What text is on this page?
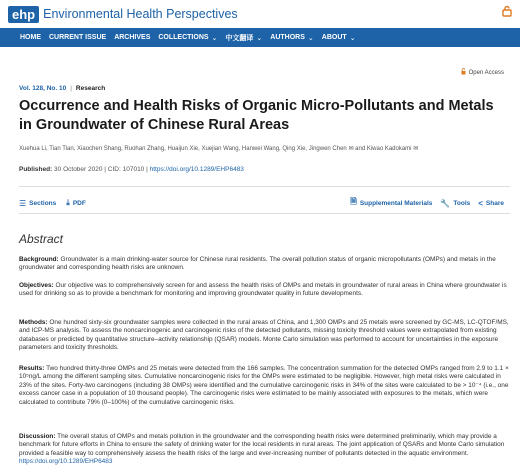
ehp Environmental Health Perspectives
HOME CURRENT ISSUE ARCHIVES COLLECTIONS ⌄ 中文翻译 ⌄ AUTHORS ⌄ ABOUT ⌄
Open Access
Vol. 128, No. 10 | Research
Occurrence and Health Risks of Organic Micro-Pollutants and Metals in Groundwater of Chinese Rural Areas
Xuehua Li, Tian Tian, Xiaochen Shang, Ruohan Zhang, Huaijun Xie, Xuejian Wang, Hanwei Wang, Qing Xie, Jingwen Chen ✉ and Kiwao Kadokami ✉
Published: 30 October 2020 | CID: 107010 | https://doi.org/10.1289/EHP6483
☰ Sections ⤓ PDF	🗎 Supplemental Materials 🔧 Tools < Share
Abstract
Background: Groundwater is a main drinking-water source for Chinese rural residents. The overall pollution status of organic micropollutants (OMPs) and metals in the groundwater and corresponding health risks are unknown.
Objectives: Our objective was to comprehensively screen for and assess the health risks of OMPs and metals in groundwater of rural areas in China where groundwater is used for drinking so as to provide a benchmark for monitoring and improving groundwater quality in future developments.
Methods: One hundred sixty-six groundwater samples were collected in the rural areas of China, and 1,300 OMPs and 25 metals were screened by GC-MS, LC-QTOF/MS, and ICP-MS analysis. To assess the noncarcinogenic and carcinogenic risks of the detected pollutants, missing toxicity threshold values were extrapolated from existing databases or predicted by quantitative structure–activity relationship (QSAR) models. Monte Carlo simulation was performed to account for uncertainties in the exposure parameters and toxicity thresholds.
Results: Two hundred thirty-three OMPs and 25 metals were detected from the 166 samples. The concentration summation for the detected OMPs ranged from 2.9 to 1.1 × 10⁵ng/L among the different sampling sites. Cumulative noncarcinogenic risks for the OMPs were estimated to be negligible. However, high metal risks were calculated in 23% of the sites. Forty-two carcinogens (including 38 OMPs) were identified and the cumulative carcinogenic risks in 34% of the sites were calculated to be > 10⁻⁴ (i.e., one excess cancer case in a population of 10 thousand people). The carcinogenic risks were estimated to be mainly associated with exposures to the metals, which were calculated to contribute 79% (0–100%) of the cumulative carcinogenic risks.
Discussion: The overall status of OMPs and metals pollution in the groundwater and the corresponding health risks were determined preliminarily, which may provide a benchmark for future efforts in China to ensure the safety of drinking water for the local residents in rural areas. The joint application of QSARs and Monte Carlo simulation provided a feasible way to comprehensively assess the health risks of the large and ever-increasing number of pollutants detected in the aquatic environment. https://doi.org/10.1289/EHP6483
